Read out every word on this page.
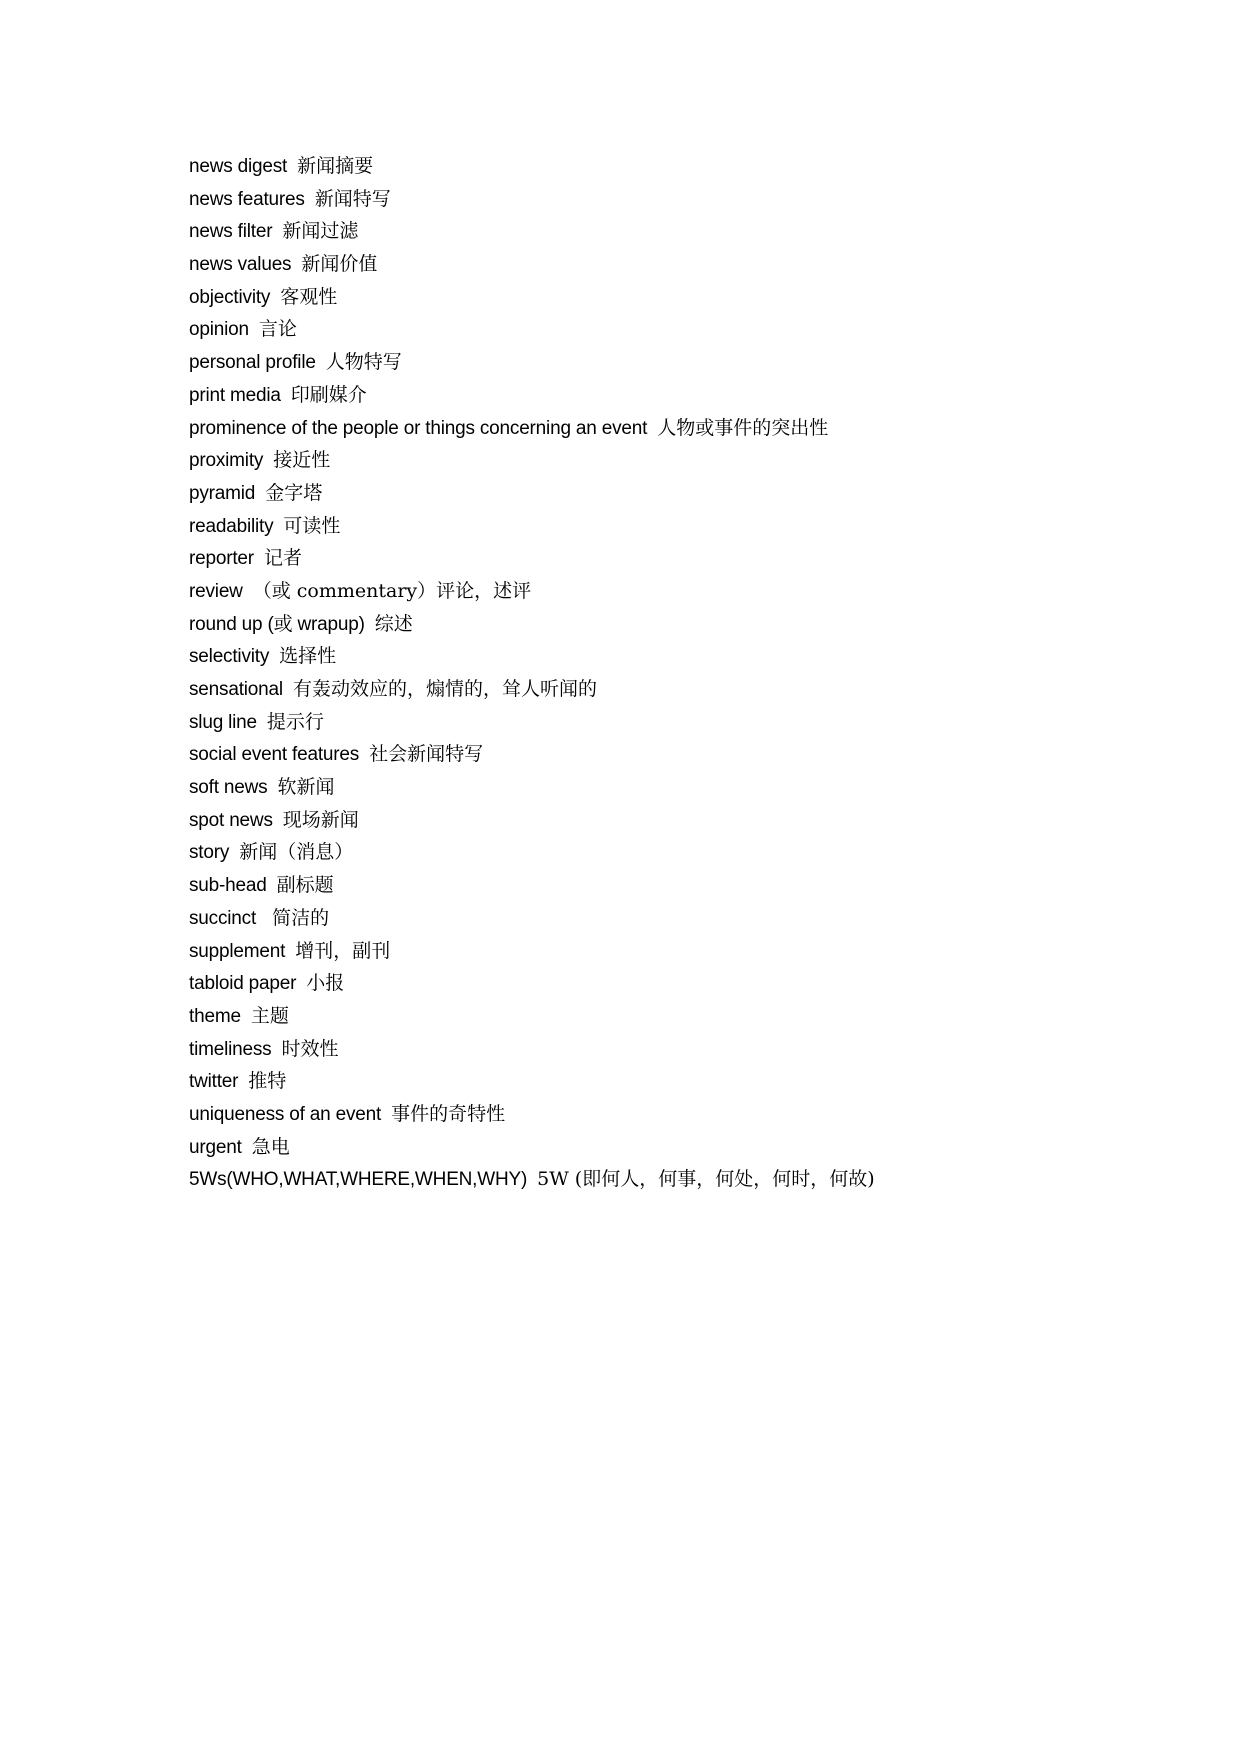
news digest 新闻摘要
news features 新闻特写
news filter 新闻过滤
news values 新闻价值
objectivity 客观性
opinion 言论
personal profile 人物特写
print media 印刷媒介
prominence of the people or things concerning an event 人物或事件的突出性
proximity 接近性
pyramid 金字塔
readability 可读性
reporter 记者
review （或 commentary）评论，述评
round up (或 wrapup) 综述
selectivity 选择性
sensational 有轰动效应的，煽情的，耸人听闻的
slug line 提示行
social event features 社会新闻特写
soft news 软新闻
spot news 现场新闻
story 新闻（消息）
sub-head 副标题
succinct 简洁的
supplement 增刊，副刊
tabloid paper 小报
theme 主题
timeliness 时效性
twitter 推特
uniqueness of an event 事件的奇特性
urgent 急电
5Ws(WHO,WHAT,WHERE,WHEN,WHY) 5W (即何人，何事，何处，何时，何故)
